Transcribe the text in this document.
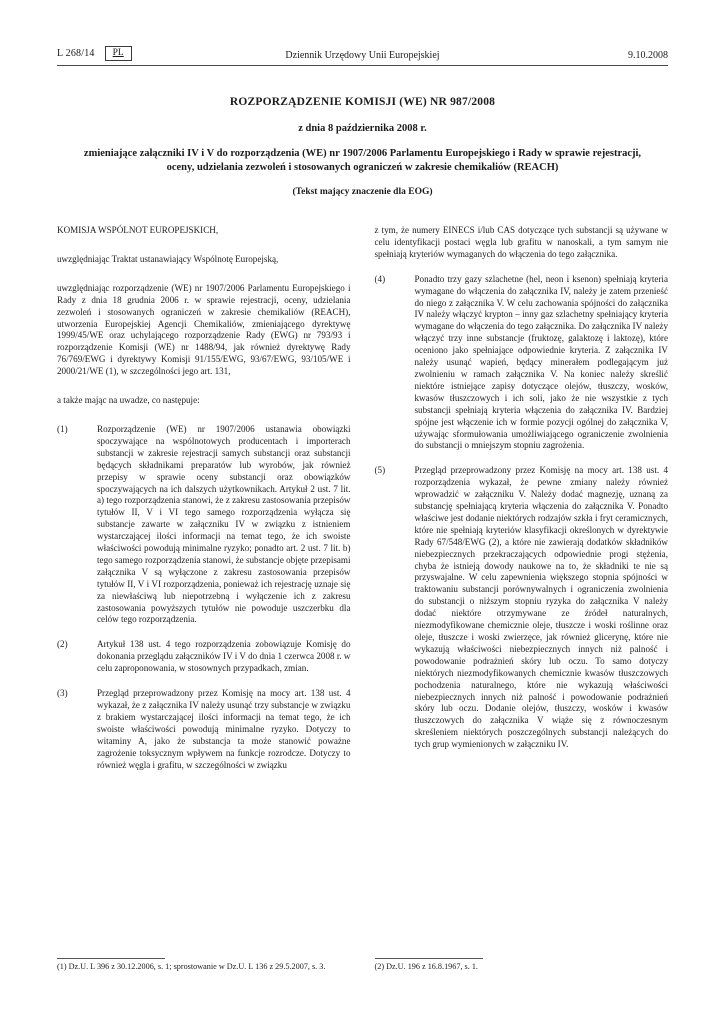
L 268/14	PL	Dziennik Urzędowy Unii Europejskiej	9.10.2008
ROZPORZĄDZENIE KOMISJI (WE) NR 987/2008
z dnia 8 października 2008 r.
zmieniające załączniki IV i V do rozporządzenia (WE) nr 1907/2006 Parlamentu Europejskiego i Rady w sprawie rejestracji, oceny, udzielania zezwoleń i stosowanych ograniczeń w zakresie chemikaliów (REACH)
(Tekst mający znaczenie dla EOG)
KOMISJA WSPÓLNOT EUROPEJSKICH,
uwzględniając Traktat ustanawiający Wspólnotę Europejską,
uwzględniając rozporządzenie (WE) nr 1907/2006 Parlamentu Europejskiego i Rady z dnia 18 grudnia 2006 r. w sprawie rejestracji, oceny, udzielania zezwoleń i stosowanych ograniczeń w zakresie chemikaliów (REACH), utworzenia Europejskiej Agencji Chemikaliów, zmieniającego dyrektywę 1999/45/WE oraz uchylającego rozporządzenie Rady (EWG) nr 793/93 i rozporządzenie Komisji (WE) nr 1488/94, jak również dyrektywę Rady 76/769/EWG i dyrektywy Komisji 91/155/EWG, 93/67/EWG, 93/105/WE i 2000/21/WE (1), w szczególności jego art. 131,
a także mając na uwadze, co następuje:
(1)	Rozporządzenie (WE) nr 1907/2006 ustanawia obowiązki spoczywające na wspólnotowych producentach i importerach substancji w zakresie rejestracji samych substancji oraz substancji będących składnikami preparatów lub wyrobów, jak również przepisy w sprawie oceny substancji oraz obowiązków spoczywających na ich dalszych użytkownikach. Artykuł 2 ust. 7 lit. a) tego rozporządzenia stanowi, że z zakresu zastosowania przepisów tytułów II, V i VI tego samego rozporządzenia wyłącza się substancje zawarte w załączniku IV w związku z istnieniem wystarczającej ilości informacji na temat tego, że ich swoiste właściwości powodują minimalne ryzyko; ponadto art. 2 ust. 7 lit. b) tego samego rozporządzenia stanowi, że substancje objęte przepisami załącznika V są wyłączone z zakresu zastosowania przepisów tytułów II, V i VI rozporządzenia, ponieważ ich rejestrację uznaje się za niewłaściwą lub niepotrzebną i wyłączenie ich z zakresu zastosowania powyższych tytułów nie powoduje uszczerbku dla celów tego rozporządzenia.
(2)	Artykuł 138 ust. 4 tego rozporządzenia zobowiązuje Komisję do dokonania przeglądu załączników IV i V do dnia 1 czerwca 2008 r. w celu zaproponowania, w stosownych przypadkach, zmian.
(3)	Przegląd przeprowadzony przez Komisję na mocy art. 138 ust. 4 wykazał, że z załącznika IV należy usunąć trzy substancje w związku z brakiem wystarczającej ilości informacji na temat tego, że ich swoiste właściwości powodują minimalne ryzyko. Dotyczy to witaminy A, jako że substancja ta może stanowić poważne zagrożenie toksycznym wpływem na funkcje rozrodcze. Dotyczy to również węgla i grafitu, w szczególności w związku
(1) Dz.U. L 396 z 30.12.2006, s. 1; sprostowanie w Dz.U. L 136 z 29.5.2007, s. 3.
z tym, że numery EINECS i/lub CAS dotyczące tych substancji są używane w celu identyfikacji postaci węgla lub grafitu w nanoskali, a tym samym nie spełniają kryteriów wymaganych do włączenia do tego załącznika.
(4)	Ponadto trzy gazy szlachetne (hel, neon i ksenon) spełniają kryteria wymagane do włączenia do załącznika IV, należy je zatem przenieść do niego z załącznika V. W celu zachowania spójności do załącznika IV należy włączyć krypton – inny gaz szlachetny spełniający kryteria wymagane do włączenia do tego załącznika. Do załącznika IV należy włączyć trzy inne substancje (fruktozę, galaktozę i laktozę), które oceniono jako spełniające odpowiednie kryteria. Z załącznika IV należy usunąć wapień, będący minerałem podlegającym już zwolnieniu w ramach załącznika V. Na koniec należy skreślić niektóre istniejące zapisy dotyczące olejów, tłuszczy, wosków, kwasów tłuszczowych i ich soli, jako że nie wszystkie z tych substancji spełniają kryteria włączenia do załącznika IV. Bardziej spójne jest włączenie ich w formie pozycji ogólnej do załącznika V, używając sformułowania umożliwiającego ograniczenie zwolnienia do substancji o mniejszym stopniu zagrożenia.
(5)	Przegląd przeprowadzony przez Komisję na mocy art. 138 ust. 4 rozporządzenia wykazał, że pewne zmiany należy również wprowadzić w załączniku V. Należy dodać magnezję, uznaną za substancję spełniającą kryteria włączenia do załącznika V. Ponadto właściwe jest dodanie niektórych rodzajów szkła i fryt ceramicznych, które nie spełniają kryteriów klasyfikacji określonych w dyrektywie Rady 67/548/EWG (2), a które nie zawierają dodatków składników niebezpiecznych przekraczających odpowiednie progi stężenia, chyba że istnieją dowody naukowe na to, że składniki te nie są przyswajalne. W celu zapewnienia większego stopnia spójności w traktowaniu substancji porównywalnych i ograniczenia zwolnienia do substancji o niższym stopniu ryzyka do załącznika V należy dodać niektóre otrzymywane ze źródeł naturalnych, niezmodyfikowane chemicznie oleje, tłuszcze i woski roślinne oraz oleje, tłuszcze i woski zwierzęce, jak również glicerynę, które nie wykazują właściwości niebezpiecznych innych niż palność i powodowanie podrażnień skóry lub oczu. To samo dotyczy niektórych niezmodyfikowanych chemicznie kwasów tłuszczowych pochodzenia naturalnego, które nie wykazują właściwości niebezpiecznych innych niż palność i powodowanie podrażnień skóry lub oczu. Dodanie olejów, tłuszczy, wosków i kwasów tłuszczowych do załącznika V wiąże się z równoczesnym skreśleniem niektórych poszczególnych substancji należących do tych grup wymienionych w załączniku IV.
(2) Dz.U. 196 z 16.8.1967, s. 1.
